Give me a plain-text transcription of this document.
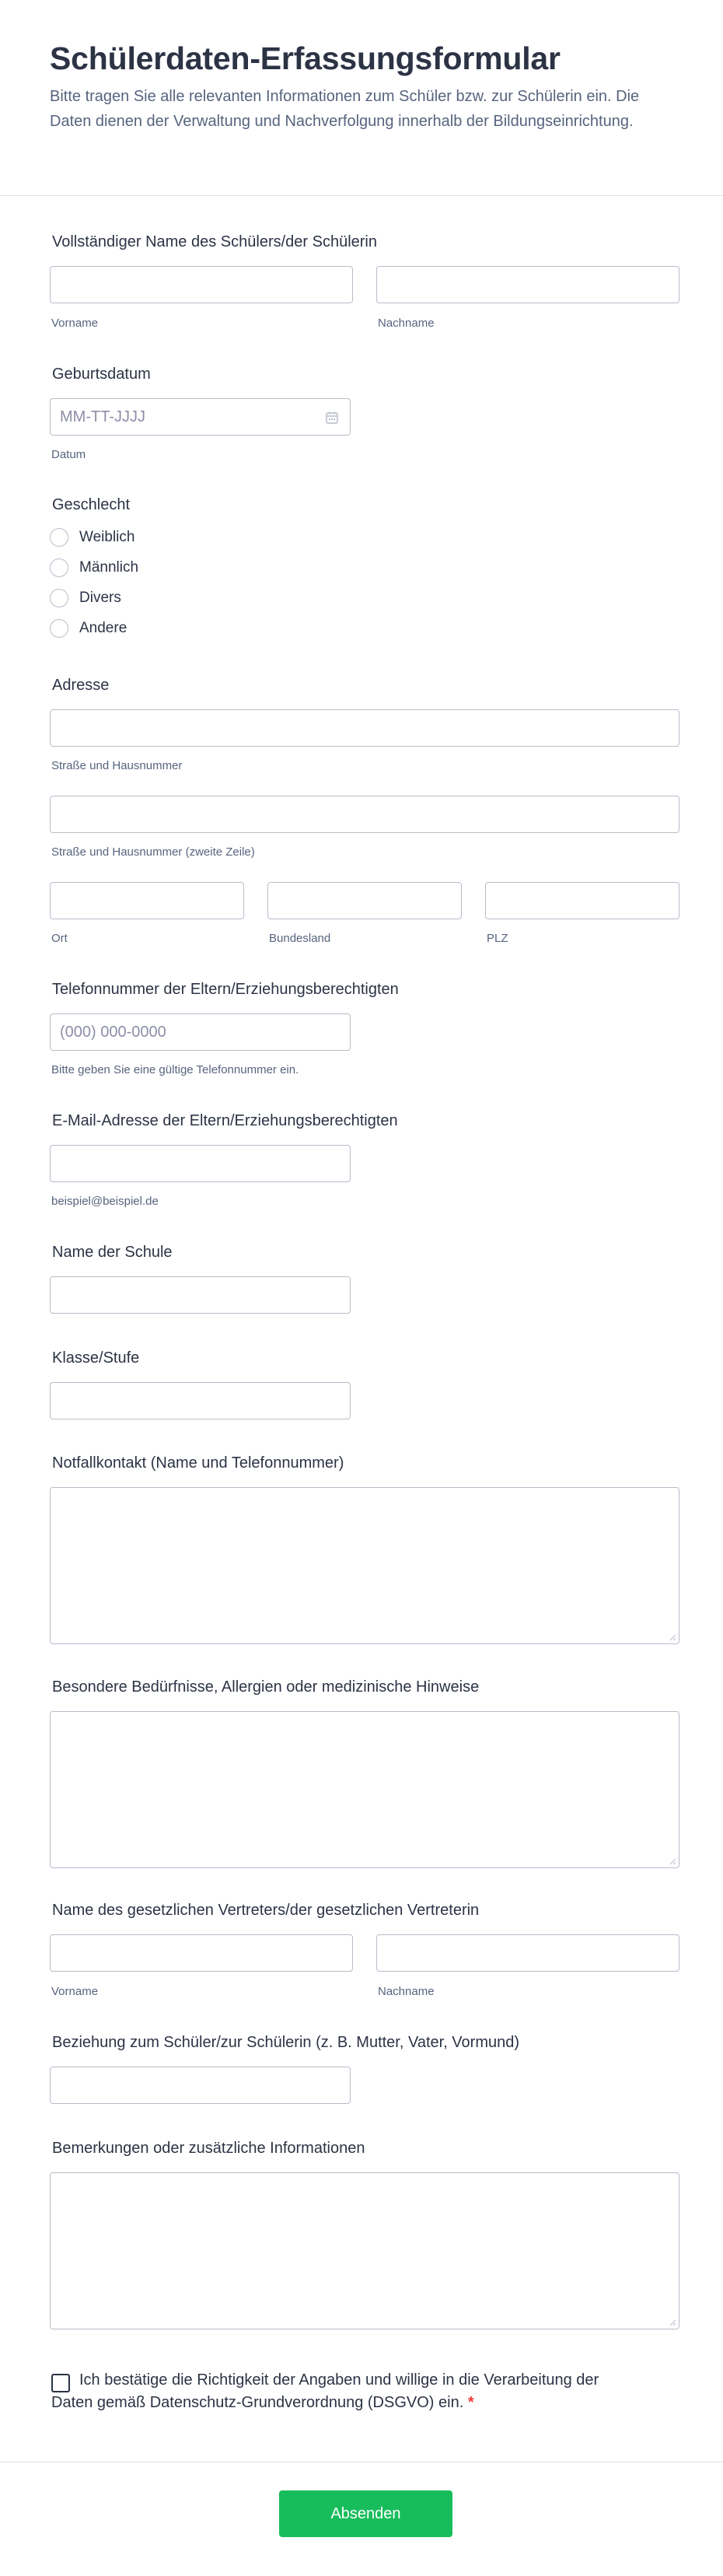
Schülerdaten-Erfassungsformular

Bitte tragen Sie alle relevanten Informationen zum Schüler bzw. zur Schülerin ein. Die Daten dienen der Verwaltung und Nachverfolgung innerhalb der Bildungseinrichtung.

Vollständiger Name des Schülers/der Schülerin
Vorname	Nachname
Geburtsdatum
MM-TT-JJJJ
Datum
Geschlecht
Weiblich
Männlich
Divers
Andere
Adresse
Straße und Hausnummer
Straße und Hausnummer (zweite Zeile)
Ort	Bundesland	PLZ
Telefonnummer der Eltern/Erziehungsberechtigten
(000) 000-0000
Bitte geben Sie eine gültige Telefonnummer ein.
E-Mail-Adresse der Eltern/Erziehungsberechtigten
beispiel@beispiel.de
Name der Schule
Klasse/Stufe
Notfallkontakt (Name und Telefonnummer)
Besondere Bedürfnisse, Allergien oder medizinische Hinweise
Name des gesetzlichen Vertreters/der gesetzlichen Vertreterin
Vorname	Nachname
Beziehung zum Schüler/zur Schülerin (z. B. Mutter, Vater, Vormund)
Bemerkungen oder zusätzliche Informationen
Ich bestätige die Richtigkeit der Angaben und willige in die Verarbeitung der Daten gemäß Datenschutz-Grundverordnung (DSGVO) ein. *
Absenden
